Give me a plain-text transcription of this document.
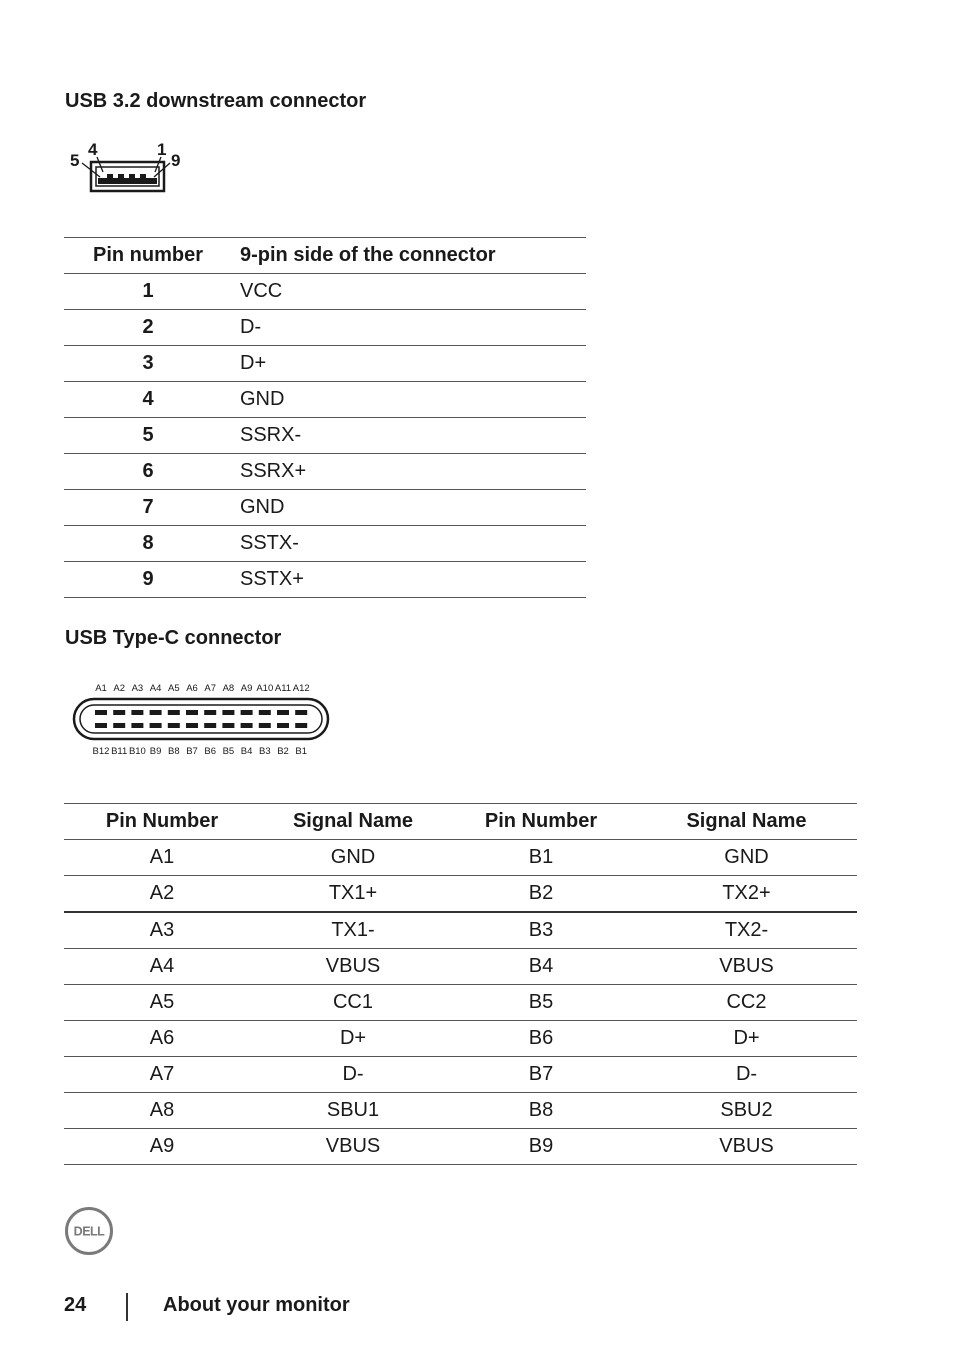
USB 3.2 downstream connector
5
4	1
9
Pin number	9-pin side of the connector
1	VCC
2	D-
3	D+
4	GND
5	SSRX-
6	SSRX+
7	GND
8	SSTX-
9	SSTX+
USB Type-C connector
A1 A2 A3 A4 A5 A6 A7 A8 A9 A10 A11 A12
B12 B11 B10 B9 B8 B7 B6 B5 B4 B3 B2 B1
Pin Number	Signal Name	Pin Number	Signal Name
A1	GND	B1	GND
A2	TX1+	B2	TX2+
A3	TX1-	B3	TX2-
A4	VBUS	B4	VBUS
A5	CC1	B5	CC2
A6	D+	B6	D+
A7	D-	B7	D-
A8	SBU1	B8	SBU2
A9	VBUS	B9	VBUS
DELL
24	About your monitor
